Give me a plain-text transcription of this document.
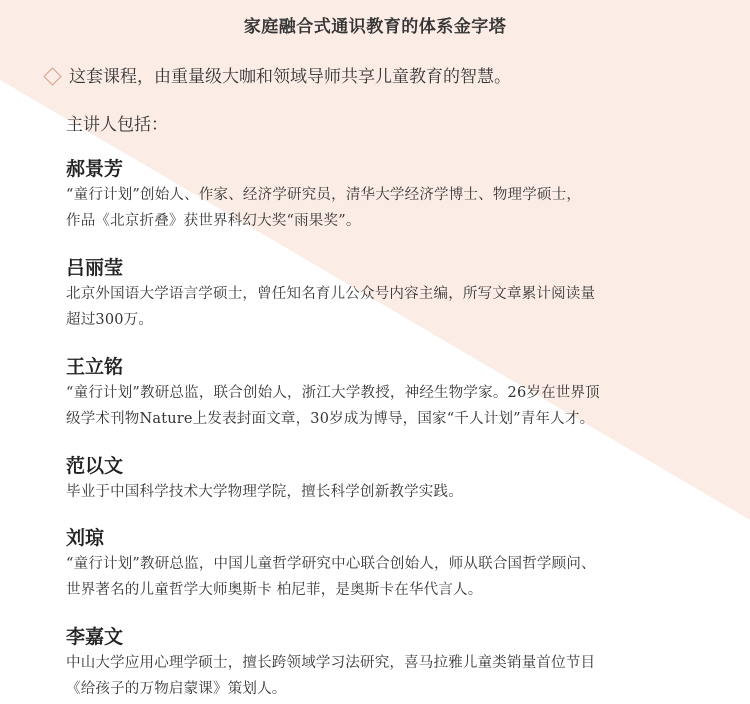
家庭融合式通识教育的体系金字塔
这套课程，由重量级大咖和领域导师共享儿童教育的智慧。
主讲人包括：
郝景芳
“童行计划”创始人、作家、经济学研究员，清华大学经济学博士、物理学硕士，
作品《北京折叠》获世界科幻大奖“雨果奖”。
吕丽莹
北京外国语大学语言学硕士，曾任知名育儿公众号内容主编，所写文章累计阅读量
超过300万。
王立铭
“童行计划”教研总监，联合创始人，浙江大学教授，神经生物学家。26岁在世界顶
级学术刊物Nature上发表封面文章，30岁成为博导，国家“千人计划”青年人才。
范以文
毕业于中国科学技术大学物理学院，擅长科学创新教学实践。
刘琼
“童行计划”教研总监，中国儿童哲学研究中心联合创始人，师从联合国哲学顾问、
世界著名的儿童哲学大师奥斯卡 柏尼菲，是奥斯卡在华代言人。
李嘉文
中山大学应用心理学硕士，擅长跨领域学习法研究，喜马拉雅儿童类销量首位节目
《给孩子的万物启蒙课》策划人。
